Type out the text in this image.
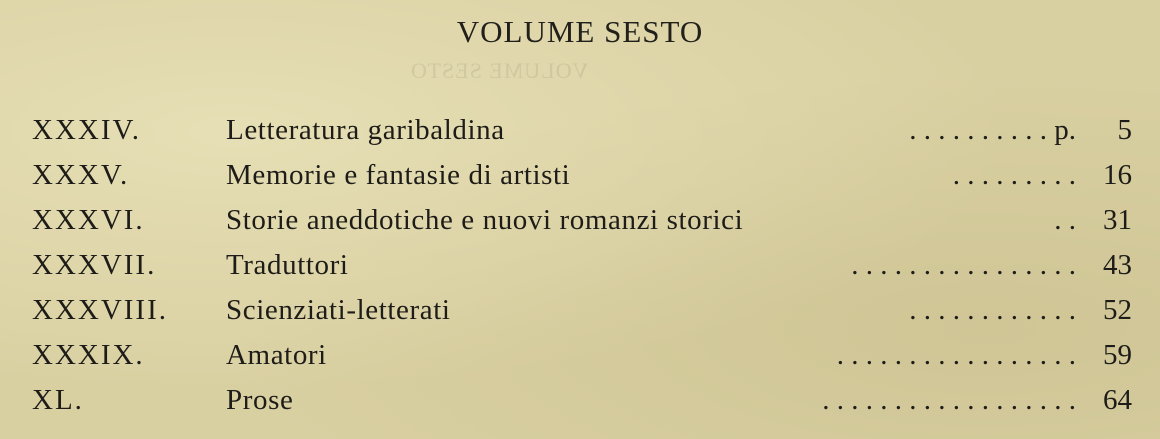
VOLUME SESTO
VOLUME SESTO
XXXIV.	Letteratura garibaldina	. . . . . . . . . . p. 5
XXXV.	Memorie e fantasie di artisti	. . . . . . . . . 16
XXXVI.	Storie aneddotiche e nuovi romanzi storici	. . 31
XXXVII. Traduttori	. . . . . . . . . . . . . . . . 43
XXXVIII. Scienziati-letterati	. . . . . . . . . . . . 52
XXXIX.	Amatori	. . . . . . . . . . . . . . . . . 59
XL.	Prose	. . . . . . . . . . . . . . . . . . 64
